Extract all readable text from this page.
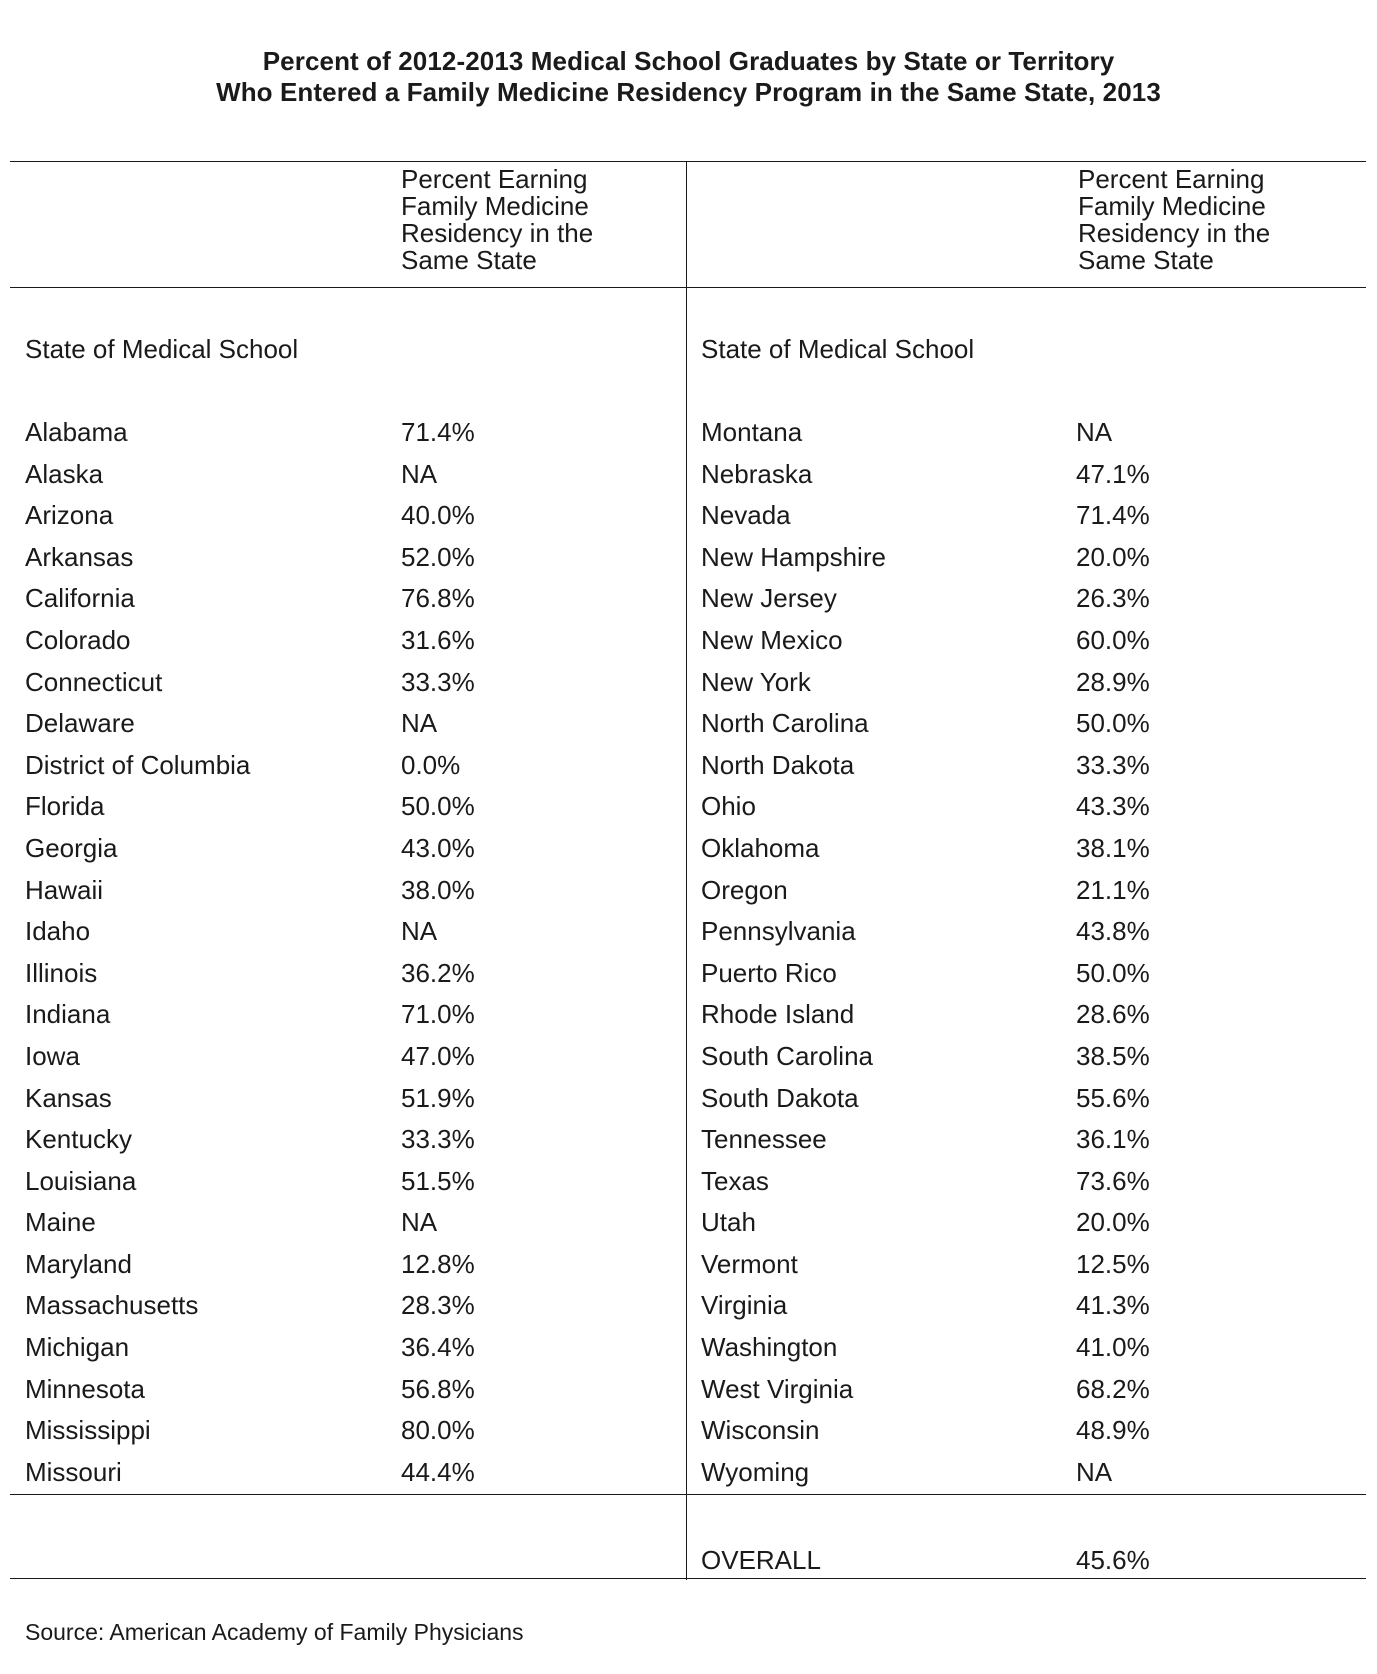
Percent of 2012-2013 Medical School Graduates by State or Territory
Who Entered a Family Medicine Residency Program in the Same State, 2013
Percent Earning
Family Medicine
Residency in the
Same State
Percent Earning
Family Medicine
Residency in the
Same State
State of Medical School	State of Medical School
Alabama	71.4%
Alaska	NA
Arizona	40.0%
Arkansas	52.0%
California	76.8%
Colorado	31.6%
Connecticut	33.3%
Delaware	NA
District of Columbia	0.0%
Florida	50.0%
Georgia	43.0%
Hawaii	38.0%
Idaho	NA
Illinois	36.2%
Indiana	71.0%
Iowa	47.0%
Kansas	51.9%
Kentucky	33.3%
Louisiana	51.5%
Maine	NA
Maryland	12.8%
Massachusetts	28.3%
Michigan	36.4%
Minnesota	56.8%
Mississippi	80.0%
Missouri	44.4%
Montana	NA
Nebraska	47.1%
Nevada	71.4%
New Hampshire	20.0%
New Jersey	26.3%
New Mexico	60.0%
New York	28.9%
North Carolina	50.0%
North Dakota	33.3%
Ohio	43.3%
Oklahoma	38.1%
Oregon	21.1%
Pennsylvania	43.8%
Puerto Rico	50.0%
Rhode Island	28.6%
South Carolina	38.5%
South Dakota	55.6%
Tennessee	36.1%
Texas	73.6%
Utah	20.0%
Vermont	12.5%
Virginia	41.3%
Washington	41.0%
West Virginia	68.2%
Wisconsin	48.9%
Wyoming	NA
OVERALL	45.6%
Source: American Academy of Family Physicians
